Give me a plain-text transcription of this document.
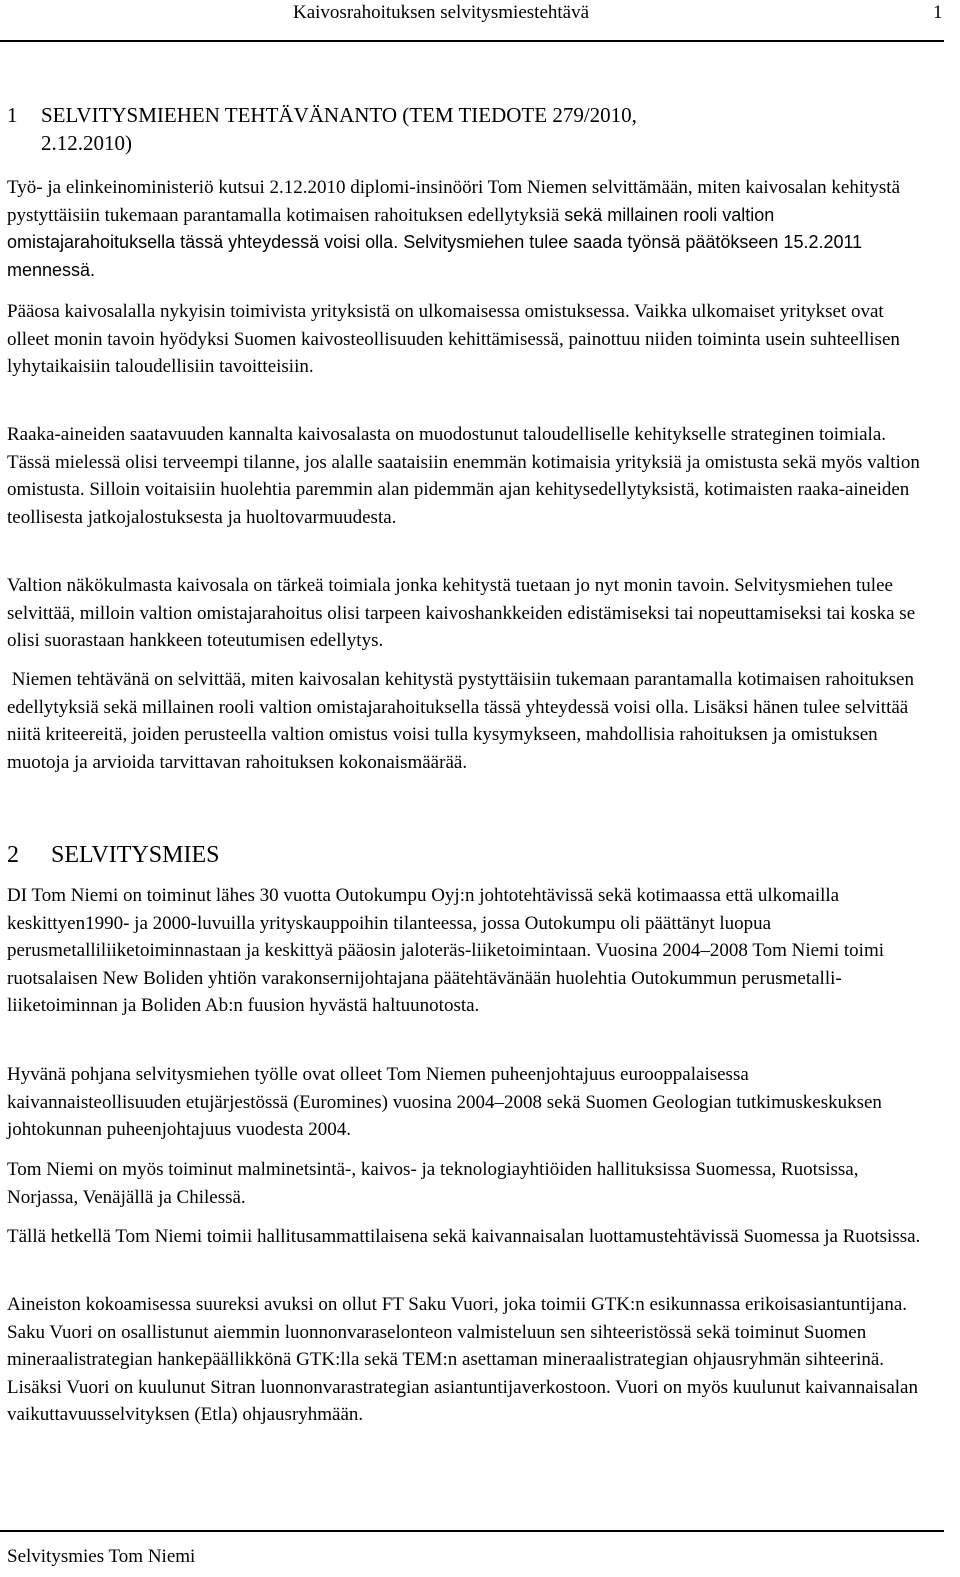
Kaivosrahoituksen selvitysmiestehtävä	1
1 SELVITYSMIEHEN TEHTÄVÄNANTO (TEM TIEDOTE 279/2010,
2.12.2010)

Työ- ja elinkeinoministeriö kutsui 2.12.2010 diplomi-insinööri Tom Niemen selvittämään, miten kaivosalan kehitystä pystyttäisiin tukemaan parantamalla kotimaisen rahoituksen edellytyksiä sekä millainen rooli valtion omistajarahoituksella tässä yhteydessä voisi olla. Selvitysmiehen tulee saada työnsä päätökseen 15.2.2011 mennessä.

Pääosa kaivosalalla nykyisin toimivista yrityksistä on ulkomaisessa omistuksessa. Vaikka ulkomaiset yritykset ovat olleet monin tavoin hyödyksi Suomen kaivosteollisuuden kehittämisessä, painottuu niiden toiminta usein suhteellisen lyhytaikaisiin taloudellisiin tavoitteisiin.

Raaka-aineiden saatavuuden kannalta kaivosalasta on muodostunut taloudelliselle kehitykselle strateginen toimiala. Tässä mielessä olisi terveempi tilanne, jos alalle saataisiin enemmän kotimaisia yrityksiä ja omistusta sekä myös valtion omistusta. Silloin voitaisiin huolehtia paremmin alan pidemmän ajan kehitysedellytyksistä, kotimaisten raaka-aineiden teollisesta jatkojalostuksesta ja huoltovarmuudesta.

Valtion näkökulmasta kaivosala on tärkeä toimiala jonka kehitystä tuetaan jo nyt monin tavoin. Selvitysmiehen tulee selvittää, milloin valtion omistajarahoitus olisi tarpeen kaivoshankkeiden edistämiseksi tai nopeuttamiseksi tai koska se olisi suorastaan hankkeen toteutumisen edellytys.

Niemen tehtävänä on selvittää, miten kaivosalan kehitystä pystyttäisiin tukemaan parantamalla kotimaisen rahoituksen edellytyksiä sekä millainen rooli valtion omistajarahoituksella tässä yhteydessä voisi olla. Lisäksi hänen tulee selvittää niitä kriteereitä, joiden perusteella valtion omistus voisi tulla kysymykseen, mahdollisia rahoituksen ja omistuksen muotoja ja arvioida tarvittavan rahoituksen kokonaismäärää.

2 SELVITYSMIES

DI Tom Niemi on toiminut lähes 30 vuotta Outokumpu Oyj:n johtotehtävissä sekä kotimaassa että ulkomailla keskittyen1990- ja 2000-luvuilla yrityskauppoihin tilanteessa, jossa Outokumpu oli päättänyt luopua perusmetalliliiketoiminnastaan ja keskittyä pääosin jaloteräs-liiketoimintaan. Vuosina 2004–2008 Tom Niemi toimi ruotsalaisen New Boliden yhtiön varakonsernijohtajana päätehtävänään huolehtia Outokummun perusmetalli-liiketoiminnan ja Boliden Ab:n fuusion hyvästä haltuunotosta.

Hyvänä pohjana selvitysmiehen työlle ovat olleet Tom Niemen puheenjohtajuus eurooppalaisessa kaivannaisteollisuuden etujärjestössä (Euromines) vuosina 2004–2008 sekä Suomen Geologian tutkimuskeskuksen johtokunnan puheenjohtajuus vuodesta 2004.

Tom Niemi on myös toiminut malminetsintä-, kaivos- ja teknologiayhtiöiden hallituksissa Suomessa, Ruotsissa, Norjassa, Venäjällä ja Chilessä.

Tällä hetkellä Tom Niemi toimii hallitusammattilaisena sekä kaivannaisalan luottamustehtävissä Suomessa ja Ruotsissa.

Aineiston kokoamisessa suureksi avuksi on ollut FT Saku Vuori, joka toimii GTK:n esikunnassa erikoisasiantuntijana. Saku Vuori on osallistunut aiemmin luonnonvaraselonteon valmisteluun sen sihteeristössä sekä toiminut Suomen mineraalistrategian hankepäällikkönä GTK:lla sekä TEM:n asettaman mineraalistrategian ohjausryhmän sihteerinä. Lisäksi Vuori on kuulunut Sitran luonnonvarastrategian asiantuntijaverkostoon. Vuori on myös kuulunut kaivannaisalan vaikuttavuusselvityksen (Etla) ohjausryhmään.

Selvitysmies Tom Niemi
